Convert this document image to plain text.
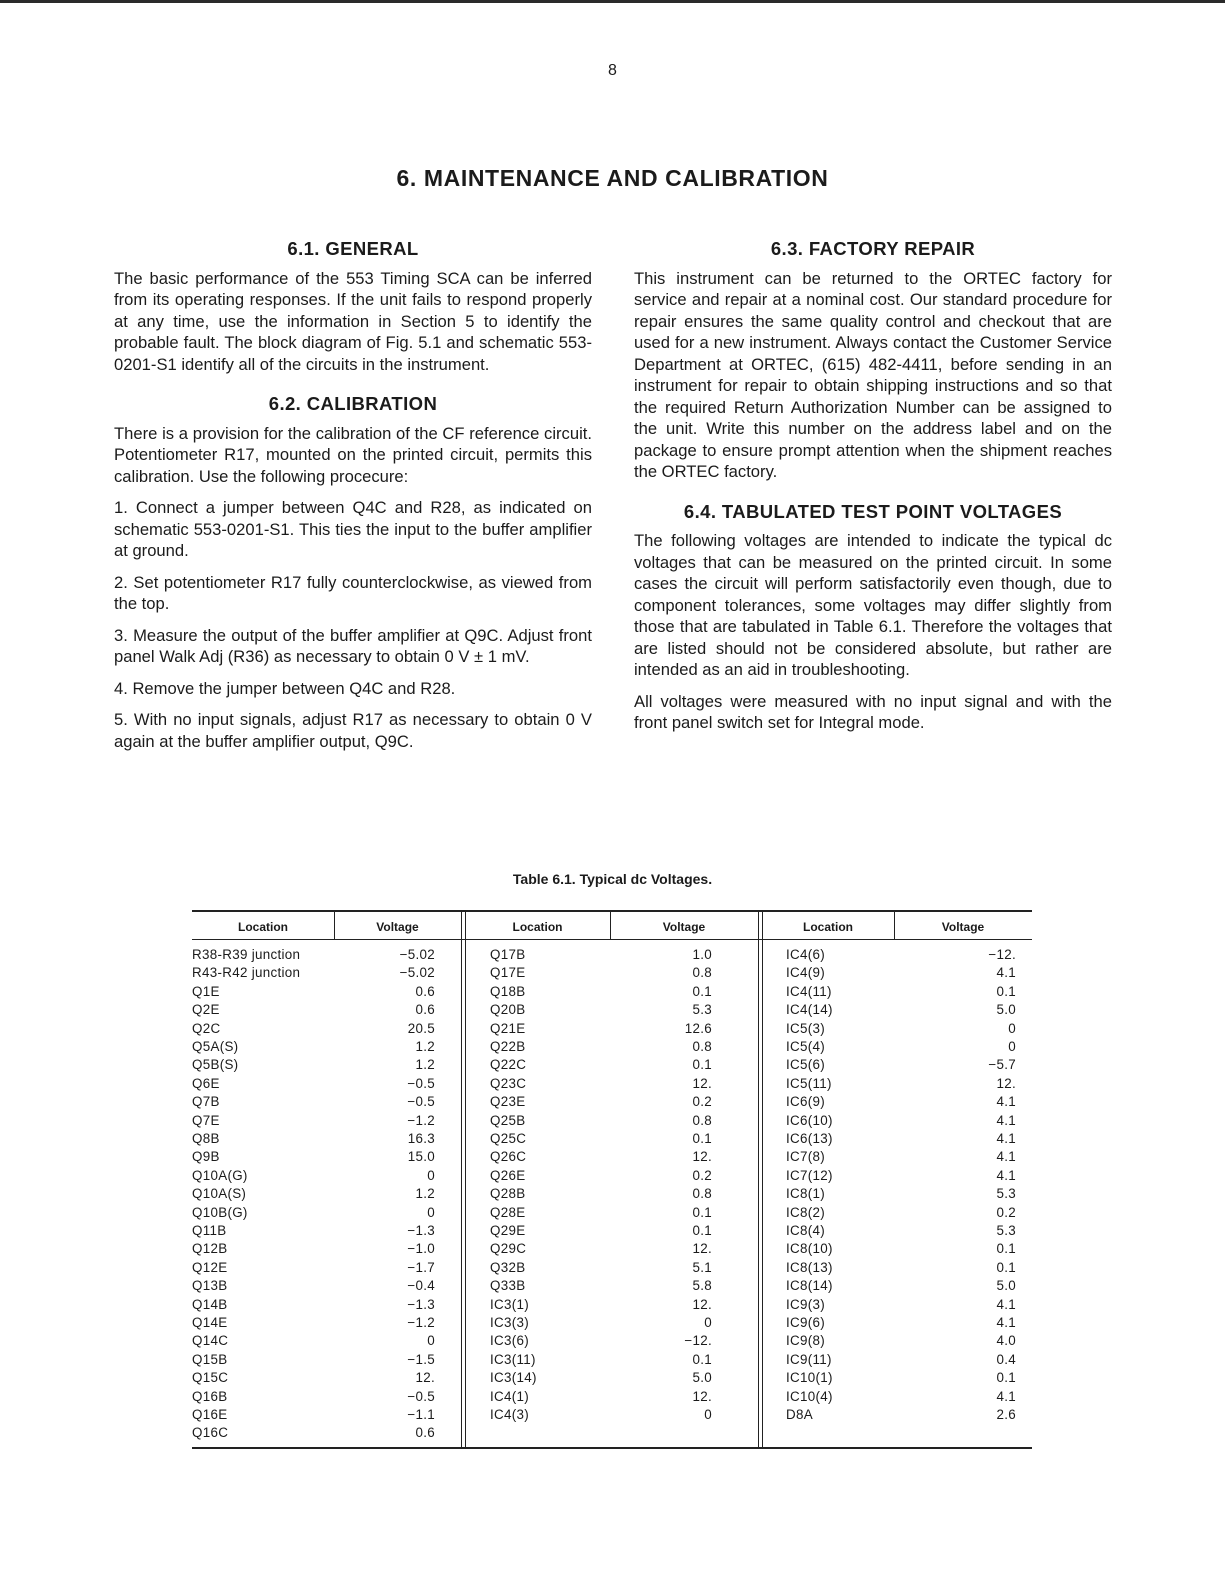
8
6. MAINTENANCE AND CALIBRATION
6.1. GENERAL

The basic performance of the 553 Timing SCA can be inferred from its operating responses. If the unit fails to respond properly at any time, use the information in Section 5 to identify the probable fault. The block diagram of Fig. 5.1 and schematic 553-0201-S1 identify all of the circuits in the instrument.

6.2. CALIBRATION

There is a provision for the calibration of the CF reference circuit. Potentiometer R17, mounted on the printed circuit, permits this calibration. Use the following procecure:

1. Connect a jumper between Q4C and R28, as indicated on schematic 553-0201-S1. This ties the input to the buffer amplifier at ground.

2. Set potentiometer R17 fully counterclockwise, as viewed from the top.

3. Measure the output of the buffer amplifier at Q9C. Adjust front panel Walk Adj (R36) as necessary to obtain 0 V ± 1 mV.

4. Remove the jumper between Q4C and R28.

5. With no input signals, adjust R17 as necessary to obtain 0 V again at the buffer amplifier output, Q9C.

6.3. FACTORY REPAIR

This instrument can be returned to the ORTEC factory for service and repair at a nominal cost. Our standard procedure for repair ensures the same quality control and checkout that are used for a new instrument. Always contact the Customer Service Department at ORTEC, (615) 482-4411, before sending in an instrument for repair to obtain shipping instructions and so that the required Return Authorization Number can be assigned to the unit. Write this number on the address label and on the package to ensure prompt attention when the shipment reaches the ORTEC factory.

6.4. TABULATED TEST POINT VOLTAGES

The following voltages are intended to indicate the typical dc voltages that can be measured on the printed circuit. In some cases the circuit will perform satisfactorily even though, due to component tolerances, some voltages may differ slightly from those that are tabulated in Table 6.1. Therefore the voltages that are listed should not be considered absolute, but rather are intended as an aid in troubleshooting.

All voltages were measured with no input signal and with the front panel switch set for Integral mode.

Table 6.1. Typical dc Voltages.
Location	Voltage	Location	Voltage	Location	Voltage
R38-R39 junction	−5.02
R43-R42 junction	−5.02
Q1E	0.6
Q2E	0.6
Q2C	20.5
Q5A(S)	1.2
Q5B(S)	1.2
Q6E	−0.5
Q7B	−0.5
Q7E	−1.2
Q8B	16.3
Q9B	15.0
Q10A(G)	0
Q10A(S)	1.2
Q10B(G)	0
Q11B	−1.3
Q12B	−1.0
Q12E	−1.7
Q13B	−0.4
Q14B	−1.3
Q14E	−1.2
Q14C	0
Q15B	−1.5
Q15C	12.
Q16B	−0.5
Q16E	−1.1
Q16C	0.6
Q17B	1.0
Q17E	0.8
Q18B	0.1
Q20B	5.3
Q21E	12.6
Q22B	0.8
Q22C	0.1
Q23C	12.
Q23E	0.2
Q25B	0.8
Q25C	0.1
Q26C	12.
Q26E	0.2
Q28B	0.8
Q28E	0.1
Q29E	0.1
Q29C	12.
Q32B	5.1
Q33B	5.8
IC3(1)	12.
IC3(3)	0
IC3(6)	−12.
IC3(11)	0.1
IC3(14)	5.0
IC4(1)	12.
IC4(3)	0
IC4(6)	−12.
IC4(9)	4.1
IC4(11)	0.1
IC4(14)	5.0
IC5(3)	0
IC5(4)	0
IC5(6)	−5.7
IC5(11)	12.
IC6(9)	4.1
IC6(10)	4.1
IC6(13)	4.1
IC7(8)	4.1
IC7(12)	4.1
IC8(1)	5.3
IC8(2)	0.2
IC8(4)	5.3
IC8(10)	0.1
IC8(13)	0.1
IC8(14)	5.0
IC9(3)	4.1
IC9(6)	4.1
IC9(8)	4.0
IC9(11)	0.4
IC10(1)	0.1
IC10(4)	4.1
D8A	2.6
